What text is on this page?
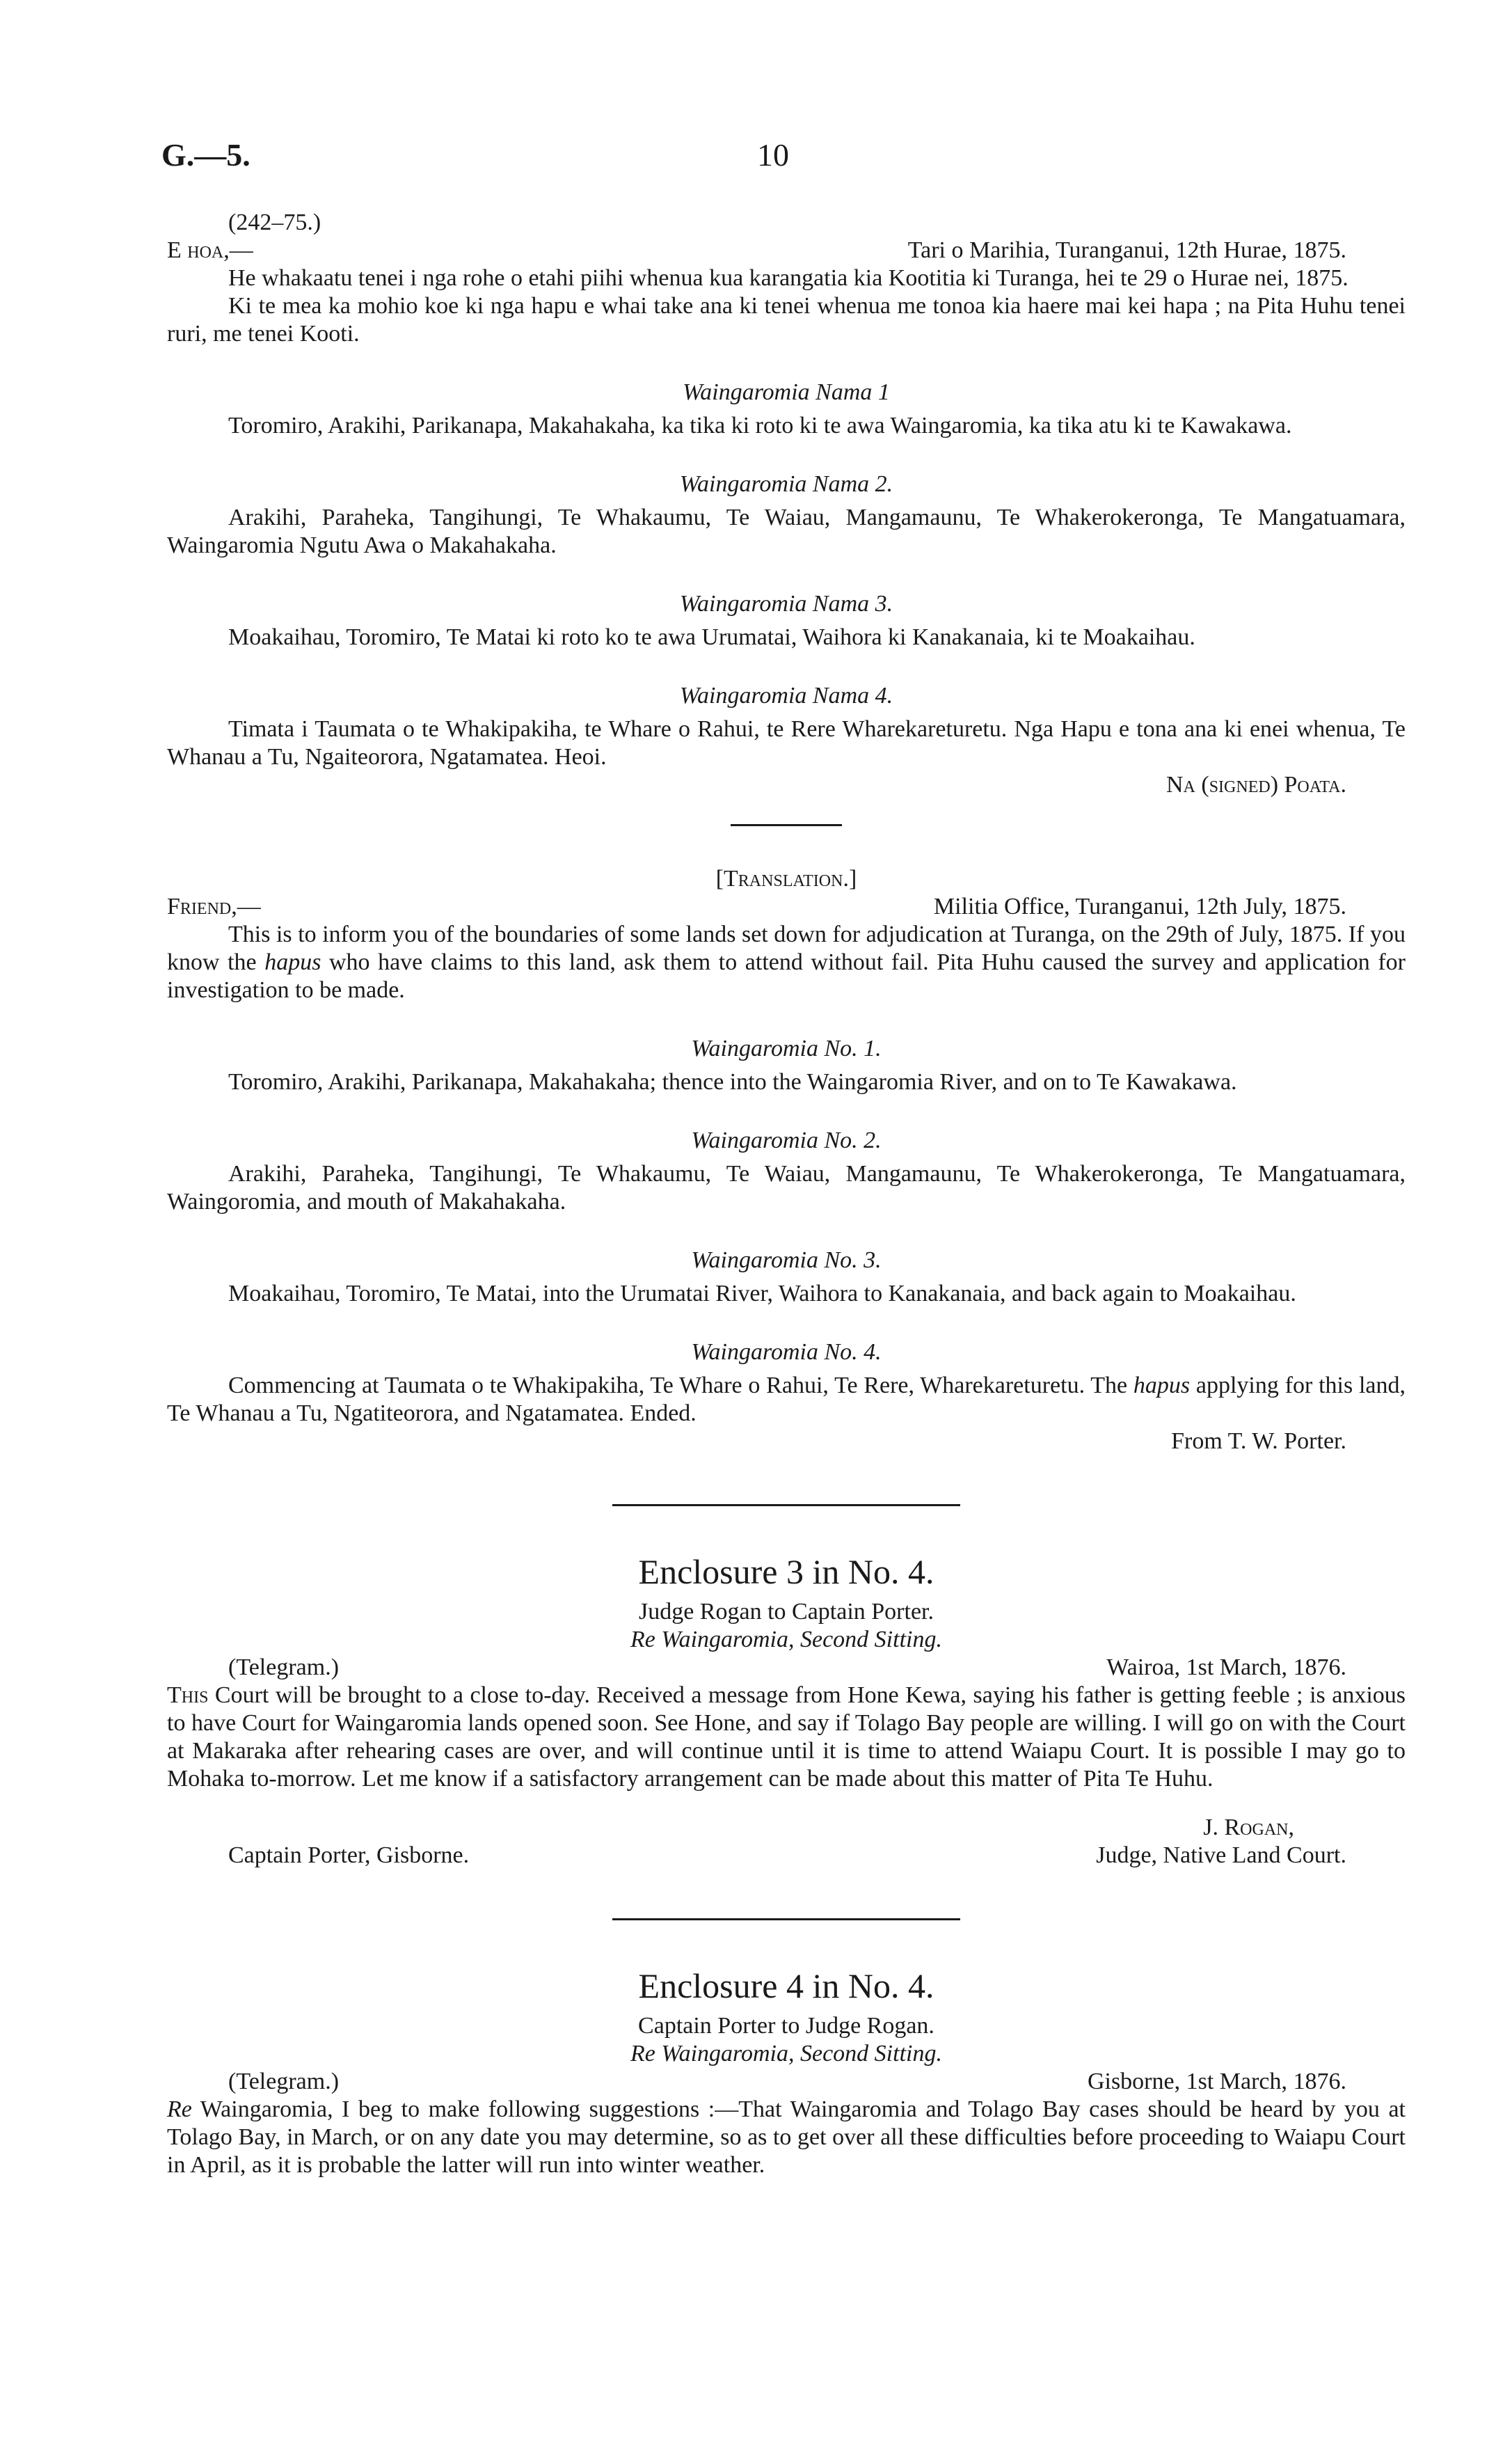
G.—5.	10

(242–75.)

E hoa,—	Tari o Marihia, Turanganui, 12th Hurae, 1875.

He whakaatu tenei i nga rohe o etahi piihi whenua kua karangatia kia Kootitia ki Turanga, hei te 29 o Hurae nei, 1875.

Ki te mea ka mohio koe ki nga hapu e whai take ana ki tenei whenua me tonoa kia haere mai kei hapa ; na Pita Huhu tenei ruri, me tenei Kooti.

Waingaromia Nama 1

Toromiro, Arakihi, Parikanapa, Makahakaha, ka tika ki roto ki te awa Waingaromia, ka tika atu ki te Kawakawa.

Waingaromia Nama 2.

Arakihi, Paraheka, Tangihungi, Te Whakaumu, Te Waiau, Mangamaunu, Te Whakerokeronga, Te Mangatuamara, Waingaromia Ngutu Awa o Makahakaha.

Waingaromia Nama 3.

Moakaihau, Toromiro, Te Matai ki roto ko te awa Urumatai, Waihora ki Kanakanaia, ki te Moakaihau.

Waingaromia Nama 4.

Timata i Taumata o te Whakipakiha, te Whare o Rahui, te Rere Wharekareturetu. Nga Hapu e tona ana ki enei whenua, Te Whanau a Tu, Ngaiteorora, Ngatamatea. Heoi.

Na (signed) Poata.

[Translation.]

Friend,—	Militia Office, Turanganui, 12th July, 1875.

This is to inform you of the boundaries of some lands set down for adjudication at Turanga, on the 29th of July, 1875. If you know the hapus who have claims to this land, ask them to attend without fail. Pita Huhu caused the survey and application for investigation to be made.

Waingaromia No. 1.

Toromiro, Arakihi, Parikanapa, Makahakaha; thence into the Waingaromia River, and on to Te Kawakawa.

Waingaromia No. 2.

Arakihi, Paraheka, Tangihungi, Te Whakaumu, Te Waiau, Mangamaunu, Te Whakerokeronga, Te Mangatuamara, Waingoromia, and mouth of Makahakaha.

Waingaromia No. 3.

Moakaihau, Toromiro, Te Matai, into the Urumatai River, Waihora to Kanakanaia, and back again to Moakaihau.

Waingaromia No. 4.

Commencing at Taumata o te Whakipakiha, Te Whare o Rahui, Te Rere, Wharekareturetu. The hapus applying for this land, Te Whanau a Tu, Ngatiteorora, and Ngatamatea. Ended.

From T. W. Porter.

Enclosure 3 in No. 4.

Judge Rogan to Captain Porter.

Re Waingaromia, Second Sitting.

(Telegram.)	Wairoa, 1st March, 1876.

This Court will be brought to a close to-day. Received a message from Hone Kewa, saying his father is getting feeble ; is anxious to have Court for Waingaromia lands opened soon. See Hone, and say if Tolago Bay people are willing. I will go on with the Court at Makaraka after rehearing cases are over, and will continue until it is time to attend Waiapu Court. It is possible I may go to Mohaka to-morrow. Let me know if a satisfactory arrangement can be made about this matter of Pita Te Huhu.

J. Rogan,

Captain Porter, Gisborne.	Judge, Native Land Court.

Enclosure 4 in No. 4.

Captain Porter to Judge Rogan.

Re Waingaromia, Second Sitting.

(Telegram.)	Gisborne, 1st March, 1876.

Re Waingaromia, I beg to make following suggestions :—That Waingaromia and Tolago Bay cases should be heard by you at Tolago Bay, in March, or on any date you may determine, so as to get over all these difficulties before proceeding to Waiapu Court in April, as it is probable the latter will run into winter weather.
